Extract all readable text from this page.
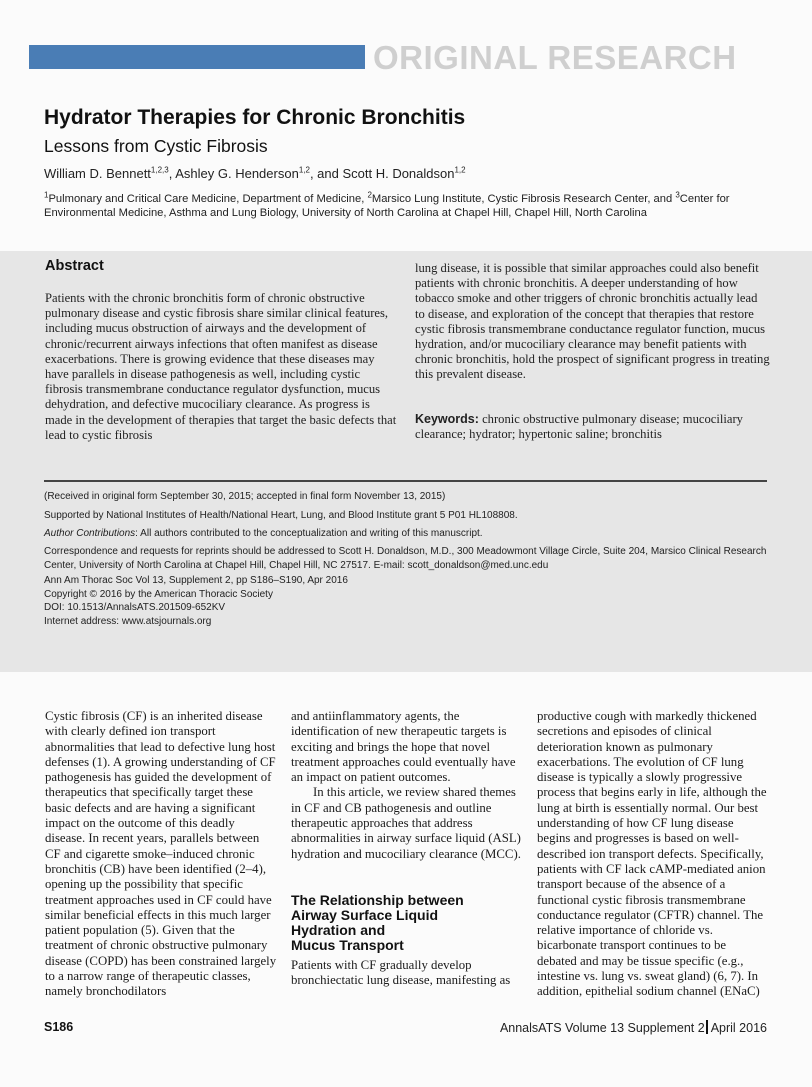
ORIGINAL RESEARCH
Hydrator Therapies for Chronic Bronchitis
Lessons from Cystic Fibrosis
William D. Bennett$^{1,2,3}$, Ashley G. Henderson$^{1,2}$, and Scott H. Donaldson$^{1,2}$
$^1$Pulmonary and Critical Care Medicine, Department of Medicine, $^2$Marsico Lung Institute, Cystic Fibrosis Research Center, and $^3$Center for Environmental Medicine, Asthma and Lung Biology, University of North Carolina at Chapel Hill, Chapel Hill, North Carolina
Abstract
Patients with the chronic bronchitis form of chronic obstructive pulmonary disease and cystic fibrosis share similar clinical features, including mucus obstruction of airways and the development of chronic/recurrent airways infections that often manifest as disease exacerbations. There is growing evidence that these diseases may have parallels in disease pathogenesis as well, including cystic fibrosis transmembrane conductance regulator dysfunction, mucus dehydration, and defective mucociliary clearance. As progress is made in the development of therapies that target the basic defects that lead to cystic fibrosis
lung disease, it is possible that similar approaches could also benefit patients with chronic bronchitis. A deeper understanding of how tobacco smoke and other triggers of chronic bronchitis actually lead to disease, and exploration of the concept that therapies that restore cystic fibrosis transmembrane conductance regulator function, mucus hydration, and/or mucociliary clearance may benefit patients with chronic bronchitis, hold the prospect of significant progress in treating this prevalent disease.
Keywords: chronic obstructive pulmonary disease; mucociliary clearance; hydrator; hypertonic saline; bronchitis
(Received in original form September 30, 2015; accepted in final form November 13, 2015)
Supported by National Institutes of Health/National Heart, Lung, and Blood Institute grant 5 P01 HL108808.
Author Contributions: All authors contributed to the conceptualization and writing of this manuscript.
Correspondence and requests for reprints should be addressed to Scott H. Donaldson, M.D., 300 Meadowmont Village Circle, Suite 204, Marsico Clinical Research Center, University of North Carolina at Chapel Hill, Chapel Hill, NC 27517. E-mail: scott_donaldson@med.unc.edu
Ann Am Thorac Soc Vol 13, Supplement 2, pp S186–S190, Apr 2016
Copyright © 2016 by the American Thoracic Society
DOI: 10.1513/AnnalsATS.201509-652KV
Internet address: www.atsjournals.org
Cystic fibrosis (CF) is an inherited disease with clearly defined ion transport abnormalities that lead to defective lung host defenses (1). A growing understanding of CF pathogenesis has guided the development of therapeutics that specifically target these basic defects and are having a significant impact on the outcome of this deadly disease. In recent years, parallels between CF and cigarette smoke–induced chronic bronchitis (CB) have been identified (2–4), opening up the possibility that specific treatment approaches used in CF could have similar beneficial effects in this much larger patient population (5). Given that the treatment of chronic obstructive pulmonary disease (COPD) has been constrained largely to a narrow range of therapeutic classes, namely bronchodilators
and antiinflammatory agents, the identification of new therapeutic targets is exciting and brings the hope that novel treatment approaches could eventually have an impact on patient outcomes.
In this article, we review shared themes in CF and CB pathogenesis and outline therapeutic approaches that address abnormalities in airway surface liquid (ASL) hydration and mucociliary clearance (MCC).
The Relationship between
Airway Surface Liquid
Hydration and
Mucus Transport
Patients with CF gradually develop bronchiectatic lung disease, manifesting as
productive cough with markedly thickened secretions and episodes of clinical deterioration known as pulmonary exacerbations. The evolution of CF lung disease is typically a slowly progressive process that begins early in life, although the lung at birth is essentially normal. Our best understanding of how CF lung disease begins and progresses is based on well-described ion transport defects. Specifically, patients with CF lack cAMP-mediated anion transport because of the absence of a functional cystic fibrosis transmembrane conductance regulator (CFTR) channel. The relative importance of chloride vs. bicarbonate transport continues to be debated and may be tissue specific (e.g., intestine vs. lung vs. sweat gland) (6, 7). In addition, epithelial sodium channel (ENaC)
S186	AnnalsATS Volume 13 Supplement 2 April 2016
